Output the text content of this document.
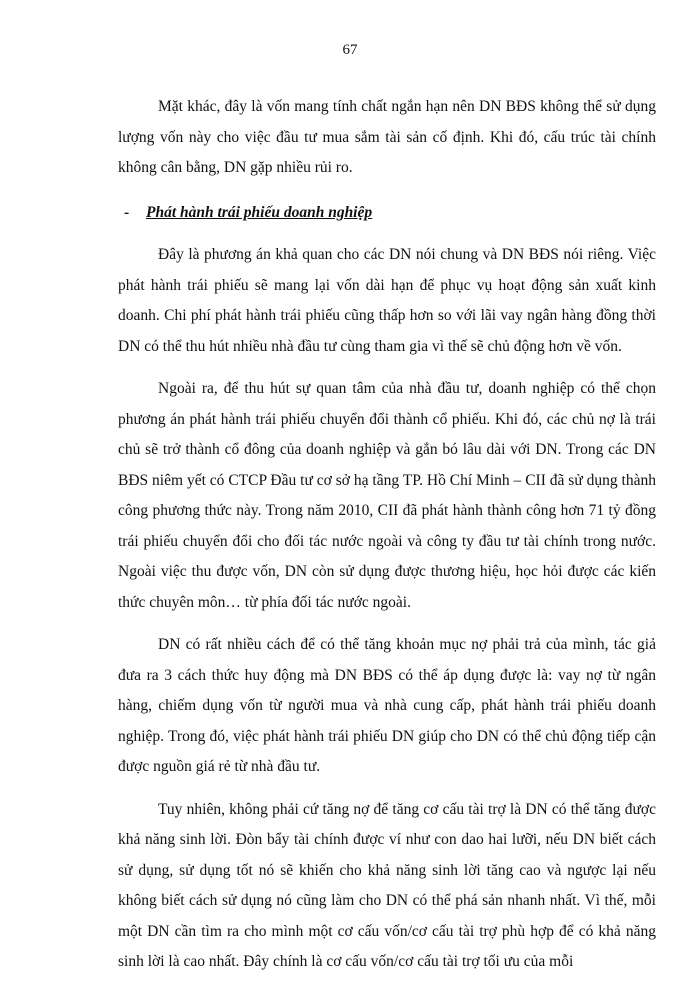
67

Mặt khác, đây là vốn mang tính chất ngắn hạn nên DN BĐS không thể sử dụng lượng vốn này cho việc đầu tư mua sắm tài sản cố định. Khi đó, cấu trúc tài chính không cân bằng, DN gặp nhiều rủi ro.

- Phát hành trái phiếu doanh nghiệp

Đây là phương án khả quan cho các DN nói chung và DN BĐS nói riêng. Việc phát hành trái phiếu sẽ mang lại vốn dài hạn để phục vụ hoạt động sản xuất kinh doanh. Chi phí phát hành trái phiếu cũng thấp hơn so với lãi vay ngân hàng đồng thời DN có thể thu hút nhiều nhà đầu tư cùng tham gia vì thế sẽ chủ động hơn về vốn.

Ngoài ra, để thu hút sự quan tâm của nhà đầu tư, doanh nghiệp có thể chọn phương án phát hành trái phiếu chuyển đổi thành cổ phiếu. Khi đó, các chủ nợ là trái chủ sẽ trở thành cổ đông của doanh nghiệp và gắn bó lâu dài với DN. Trong các DN BĐS niêm yết có CTCP Đầu tư cơ sở hạ tầng TP. Hồ Chí Minh – CII đã sử dụng thành công phương thức này. Trong năm 2010, CII đã phát hành thành công hơn 71 tỷ đồng trái phiếu chuyển đổi cho đối tác nước ngoài và công ty đầu tư tài chính trong nước. Ngoài việc thu được vốn, DN còn sử dụng được thương hiệu, học hỏi được các kiến thức chuyên môn… từ phía đối tác nước ngoài.

DN có rất nhiều cách để có thể tăng khoản mục nợ phải trả của mình, tác giả đưa ra 3 cách thức huy động mà DN BĐS có thể áp dụng được là: vay nợ từ ngân hàng, chiếm dụng vốn từ người mua và nhà cung cấp, phát hành trái phiếu doanh nghiệp. Trong đó, việc phát hành trái phiếu DN giúp cho DN có thể chủ động tiếp cận được nguồn giá rẻ từ nhà đầu tư.

Tuy nhiên, không phải cứ tăng nợ để tăng cơ cấu tài trợ là DN có thể tăng được khả năng sinh lời. Đòn bẩy tài chính được ví như con dao hai lưỡi, nếu DN biết cách sử dụng, sử dụng tốt nó sẽ khiến cho khả năng sinh lời tăng cao và ngược lại nếu không biết cách sử dụng nó cũng làm cho DN có thể phá sản nhanh nhất. Vì thế, mỗi một DN cần tìm ra cho mình một cơ cấu vốn/cơ cấu tài trợ phù hợp để có khả năng sinh lời là cao nhất. Đây chính là cơ cấu vốn/cơ cấu tài trợ tối ưu của mỗi
